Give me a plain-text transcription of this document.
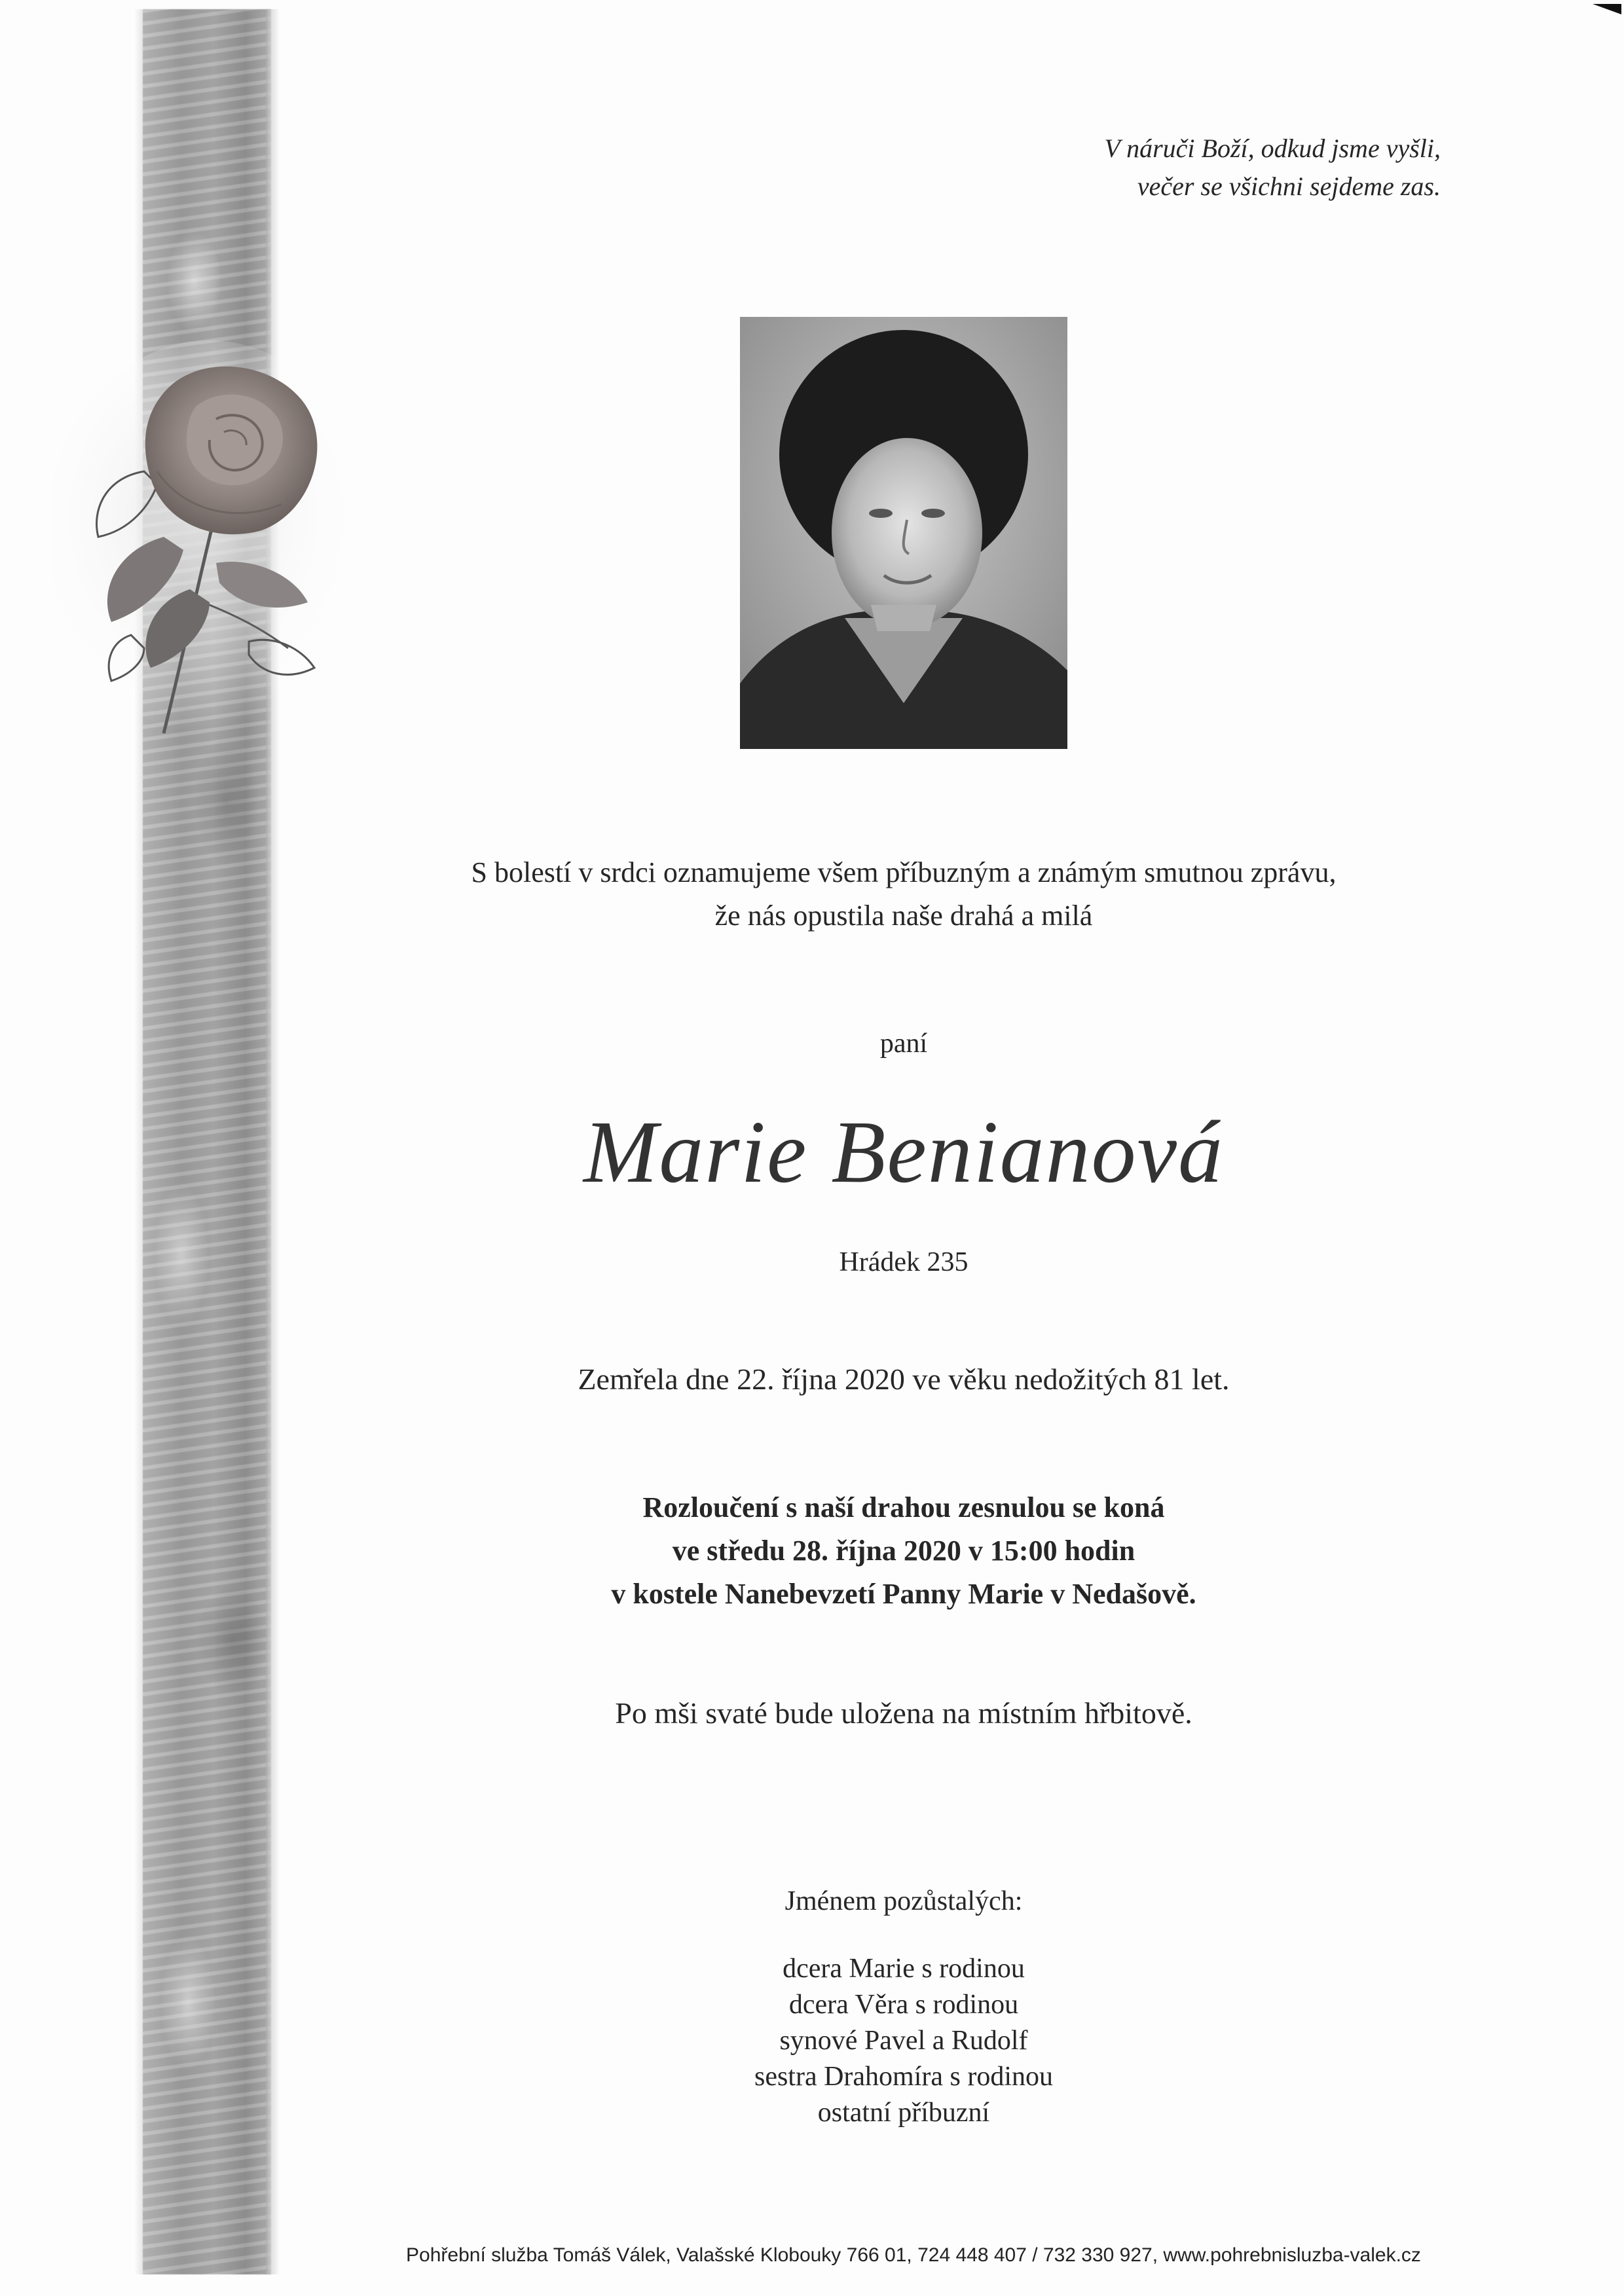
V náruči Boží, odkud jsme vyšli,
večer se všichni sejdeme zas.
S bolestí v srdci oznamujeme všem příbuzným a známým smutnou zprávu,
že nás opustila naše drahá a milá
paní
Marie Benianová
Hrádek 235
Zemřela dne 22. října 2020 ve věku nedožitých 81 let.
Rozloučení s naší drahou zesnulou se koná
ve středu 28. října 2020 v 15:00 hodin
v kostele Nanebevzetí Panny Marie v Nedašově.
Po mši svaté bude uložena na místním hřbitově.
Jménem pozůstalých:
dcera Marie s rodinou
dcera Věra s rodinou
synové Pavel a Rudolf
sestra Drahomíra s rodinou
ostatní příbuzní
Pohřební služba Tomáš Válek, Valašské Klobouky 766 01, 724 448 407 / 732 330 927, www.pohrebnisluzba-valek.cz
